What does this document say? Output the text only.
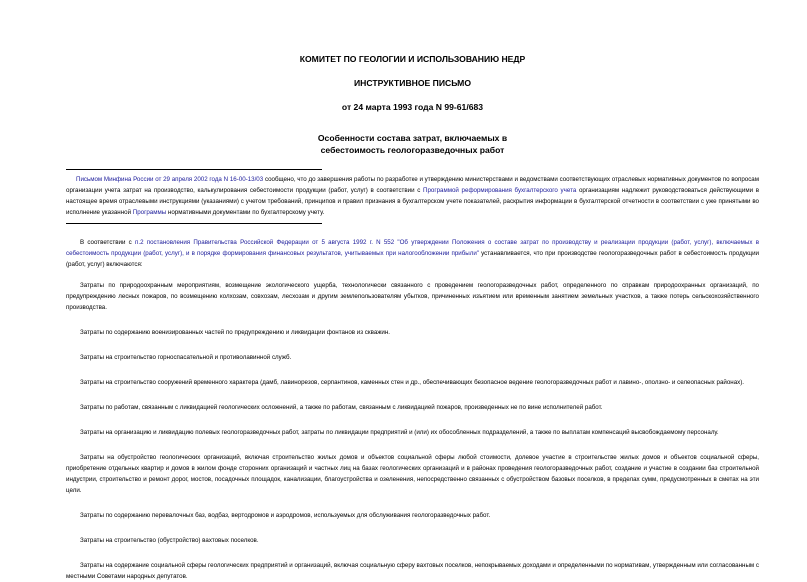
КОМИТЕТ ПО ГЕОЛОГИИ И ИСПОЛЬЗОВАНИЮ НЕДР
ИНСТРУКТИВНОЕ ПИСЬМО
от 24 марта 1993 года N 99-61/683
Особенности состава затрат, включаемых в
себестоимость геологоразведочных работ
Письмом Минфина России от 29 апреля 2002 года N 16-00-13/03 сообщено, что до завершения работы по разработке и утверждению министерствами и ведомствами соответствующих отраслевых нормативных документов по вопросам организации учета затрат на производство, калькулирования себестоимости продукции (работ, услуг) в соответствии с Программой реформирования бухгалтерского учета организациям надлежит руководствоваться действующими в настоящее время отраслевыми инструкциями (указаниями) с учетом требований, принципов и правил признания в бухгалтерском учете показателей, раскрытия информации в бухгалтерской отчетности в соответствии с уже принятыми во исполнение указанной Программы нормативными документами по бухгалтерскому учету.

В соответствии с п.2 постановления Правительства Российской Федерации от 5 августа 1992 г. N 552 "Об утверждении Положения о составе затрат по производству и реализации продукции (работ, услуг), включаемых в себестоимость продукции (работ, услуг), и в порядке формирования финансовых результатов, учитываемых при налогообложении прибыли" устанавливается, что при производстве геологоразведочных работ в себестоимость продукции (работ, услуг) включаются:

Затраты по природоохранным мероприятиям, возмещение экологического ущерба, технологически связанного с проведением геологоразведочных работ, определенного по справкам природоохранных организаций, по предупреждению лесных пожаров, по возмещению колхозам, совхозам, лесхозам и другим землепользователям убытков, причиненных изъятием или временным занятием земельных участков, а также потерь сельскохозяйственного производства.

Затраты по содержанию военизированных частей по предупреждению и ликвидации фонтанов из скважин.

Затраты на строительство горноспасательной и противолавинной служб.

Затраты на строительство сооружений временного характера (дамб, лавинорезов, серпантинов, каменных стен и др., обеспечивающих безопасное ведение геологоразведочных работ и лавино-, оползно- и селеопасных районах).

Затраты по работам, связанным с ликвидацией геологических осложнений, а также по работам, связанным с ликвидацией пожаров, произведенных не по вине исполнителей работ.

Затраты на организацию и ликвидацию полевых геологоразведочных работ, затраты по ликвидации предприятий и (или) их обособленных подразделений, а также по выплатам компенсаций высвобождаемому персоналу.

Затраты на обустройство геологических организаций, включая строительство жилых домов и объектов социальной сферы любой стоимости, долевое участие в строительстве жилых домов и объектов социальной сферы, приобретение отдельных квартир и домов в жилом фонде сторонних организаций и частных лиц на базах геологических организаций и в районах проведения геологоразведочных работ, создание и участие в создании баз строительной индустрии, строительство и ремонт дорог, мостов, посадочных площадок, канализации, благоустройства и озеленения, непосредственно связанных с обустройством базовых поселков, в пределах сумм, предусмотренных в сметах на эти цели.

Затраты по содержанию перевалочных баз, водбаз, вертодромов и аэродромов, используемых для обслуживания геологоразведочных работ.

Затраты на строительство (обустройство) вахтовых поселков.

Затраты на содержание социальной сферы геологических предприятий и организаций, включая социальную сферу вахтовых поселков, непокрываемых доходами и определенными по нормативам, утвержденным или согласованным с местными Советами народных депутатов.
